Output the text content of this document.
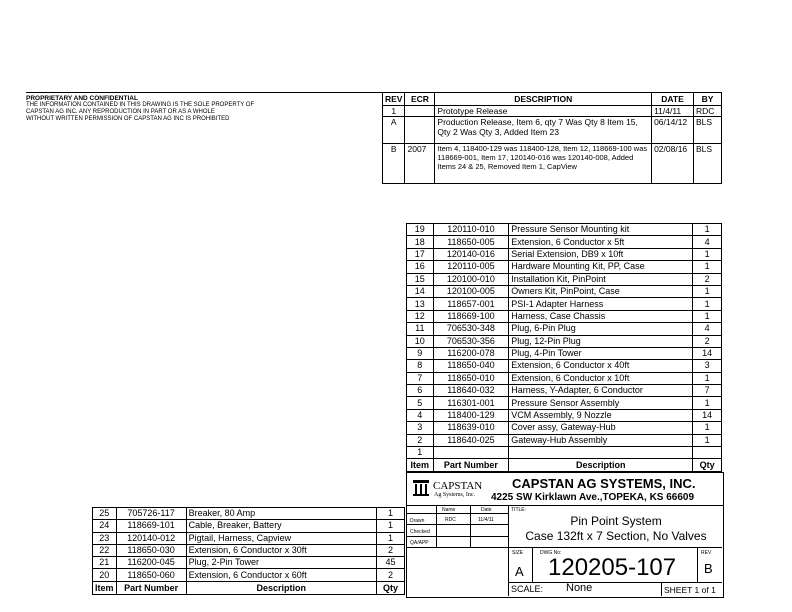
PROPRIETARY AND CONFIDENTIAL
THE INFORMATION CONTAINED IN THIS DRAWING IS THE SOLE PROPERTY OF
CAPSTAN AG INC. ANY REPRODUCTION IN PART OR AS A WHOLE
WITHOUT WRITTEN PERMISSION OF CAPSTAN AG INC IS PROHIBITED
REV	ECR	DESCRIPTION	DATE	BY
1		Prototype Release	11/4/11	RDC
A		Production Release, Item 6, qty 7 Was Qty 8 Item 15, Qty 2 Was Qty 3, Added Item 23	06/14/12	BLS
B	2007	Item 4, 118400-129 was 118400-128, Item 12, 118669-100 was 118669-001, Item 17, 120140-016 was 120140-008, Added Items 24 & 25, Removed Item 1, CapView	02/08/16	BLS
19	120110-010	Pressure Sensor Mounting kit	1
18	118650-005	Extension, 6 Conductor x 5ft	4
17	120140-016	Serial Extension, DB9 x 10ft	1
16	120110-005	Hardware Mounting Kit, PP, Case	1
15	120100-010	Installation Kit, PinPoint	2
14	120100-005	Owners Kit, PinPoint, Case	1
13	118657-001	PSI-1 Adapter Harness	1
12	118669-100	Harness, Case Chassis	1
11	706530-348	Plug, 6-Pin Plug	4
10	706530-356	Plug, 12-Pin Plug	2
9	116200-078	Plug, 4-Pin Tower	14
8	118650-040	Extension, 6 Conductor x 40ft	3
7	118650-010	Extension, 6 Conductor x 10ft	1
6	118640-032	Harness, Y-Adapter, 6 Conductor	7
5	116301-001	Pressure Sensor Assembly	1
4	118400-129	VCM Assembly, 9 Nozzle	14
3	118639-010	Cover assy, Gateway-Hub	1
2	118640-025	Gateway-Hub Assembly	1
1			
Item	Part Number	Description	Qty
25	705726-117	Breaker, 80 Amp	1
24	118669-101	Cable, Breaker, Battery	1
23	120140-012	Pigtail, Harness, Capview	1
22	118650-030	Extension, 6 Conductor x 30ft	2
21	116200-045	Plug, 2-Pin Tower	45
20	118650-060	Extension, 6 Conductor x 60ft	2
Item	Part Number	Description	Qty
CAPSTAN
Ag Systems, Inc.
CAPSTAN AG SYSTEMS, INC.
4225 SW Kirklawn Ave.,TOPEKA, KS 66609
Name	Date
Drawn	RDC	11/4/11
Checked
QA/APP
TITLE:
Pin Point System
Case 132ft x 7 Section, No Valves
SIZE
A
DWG No:
120205-107
REV
B
SCALE: None	SHEET 1 of 1
